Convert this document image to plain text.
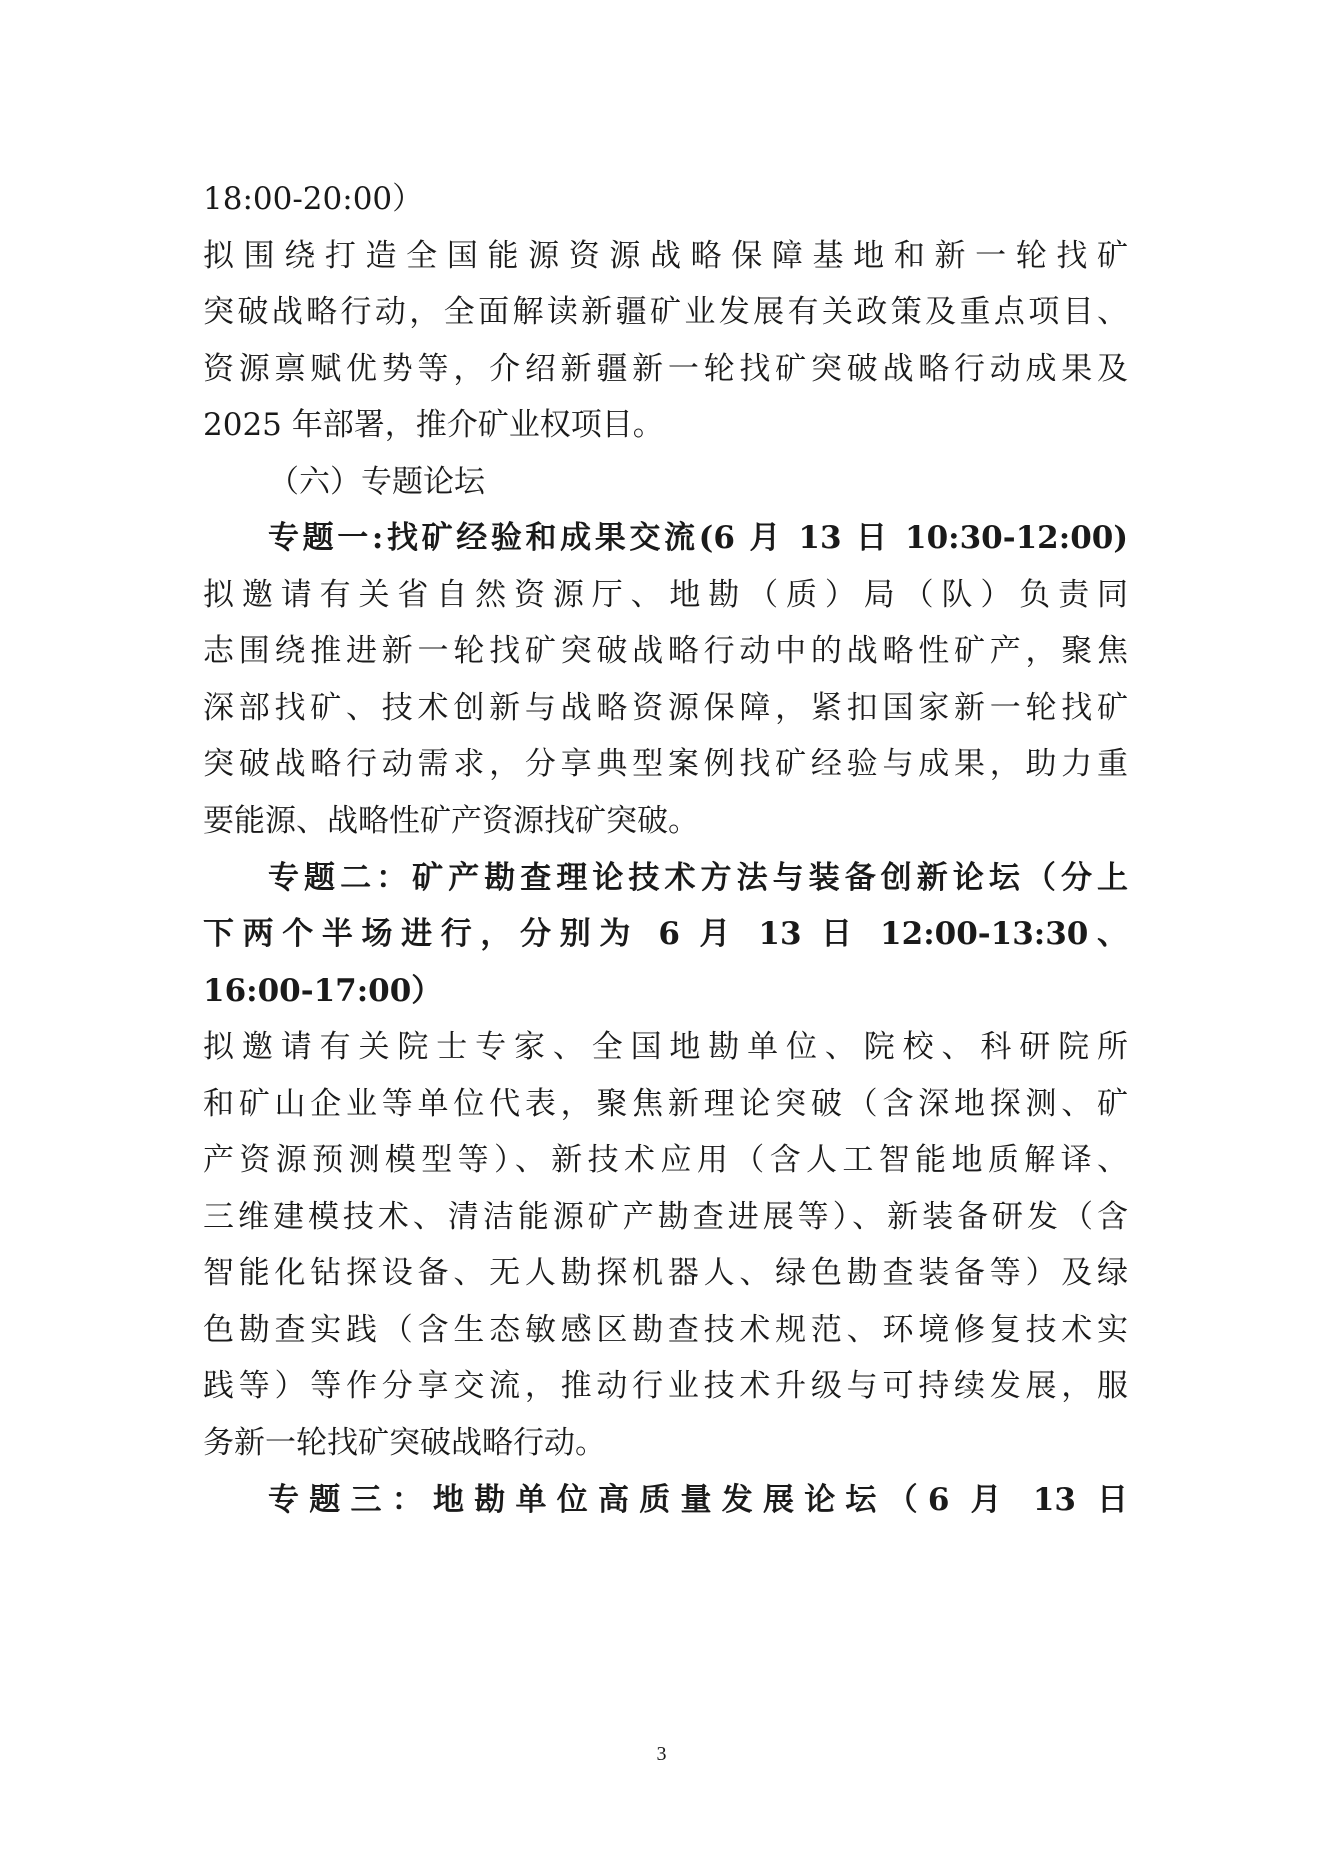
18:00-20:00）
拟围绕打造全国能源资源战略保障基地和新一轮找矿
突破战略行动，全面解读新疆矿业发展有关政策及重点项目、
资源禀赋优势等，介绍新疆新一轮找矿突破战略行动成果及
2025 年部署，推介矿业权项目。
（六）专题论坛
专题一:找矿经验和成果交流(6 月 13 日 10:30-12:00)
拟邀请有关省自然资源厅、地勘（质）局（队）负责同
志围绕推进新一轮找矿突破战略行动中的战略性矿产，聚焦
深部找矿、技术创新与战略资源保障，紧扣国家新一轮找矿
突破战略行动需求，分享典型案例找矿经验与成果，助力重
要能源、战略性矿产资源找矿突破。
专题二：矿产勘查理论技术方法与装备创新论坛（分上
下两个半场进行，分别为 6 月 13 日 12:00-13:30、
16:00-17:00）
拟邀请有关院士专家、全国地勘单位、院校、科研院所
和矿山企业等单位代表，聚焦新理论突破（含深地探测、矿
产资源预测模型等）、新技术应用（含人工智能地质解译、
三维建模技术、清洁能源矿产勘查进展等）、新装备研发（含
智能化钻探设备、无人勘探机器人、绿色勘查装备等）及绿
色勘查实践（含生态敏感区勘查技术规范、环境修复技术实
践等）等作分享交流，推动行业技术升级与可持续发展，服
务新一轮找矿突破战略行动。
专题三：地勘单位高质量发展论坛（6 月 13 日
3
